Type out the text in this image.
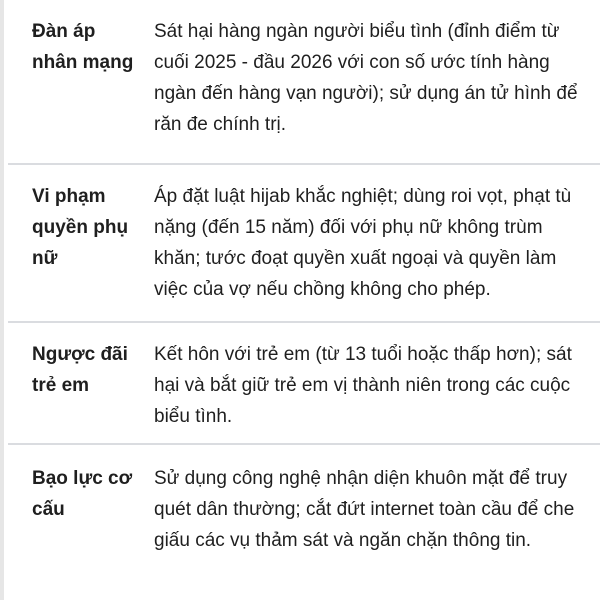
Đàn áp nhân mạng
Sát hại hàng ngàn người biểu tình (đỉnh điểm từ cuối 2025 - đầu 2026 với con số ước tính hàng ngàn đến hàng vạn người); sử dụng án tử hình để răn đe chính trị.
Vi phạm quyền phụ nữ
Áp đặt luật hijab khắc nghiệt; dùng roi vọt, phạt tù nặng (đến 15 năm) đối với phụ nữ không trùm khăn; tước đoạt quyền xuất ngoại và quyền làm việc của vợ nếu chồng không cho phép.
Ngược đãi trẻ em
Kết hôn với trẻ em (từ 13 tuổi hoặc thấp hơn); sát hại và bắt giữ trẻ em vị thành niên trong các cuộc biểu tình.
Bạo lực cơ cấu
Sử dụng công nghệ nhận diện khuôn mặt để truy quét dân thường; cắt đứt internet toàn cầu để che giấu các vụ thảm sát và ngăn chặn thông tin.
